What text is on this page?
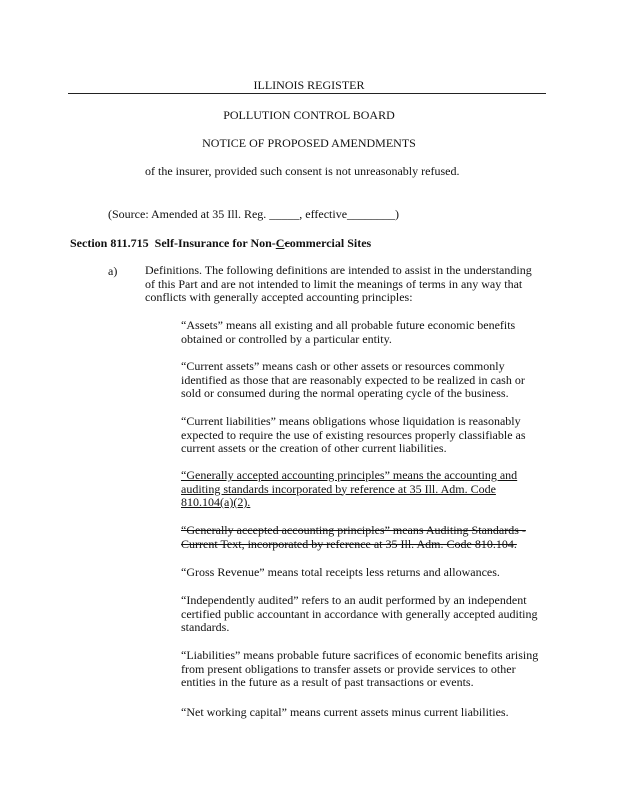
ILLINOIS REGISTER
POLLUTION CONTROL BOARD
NOTICE OF PROPOSED AMENDMENTS
of the insurer, provided such consent is not unreasonably refused.
(Source: Amended at 35 Ill. Reg. _____, effective________)
Section 811.715 Self-Insurance for Non-Ccommercial Sites
a) Definitions. The following definitions are intended to assist in the understanding
of this Part and are not intended to limit the meanings of terms in any way that
conflicts with generally accepted accounting principles:
“Assets” means all existing and all probable future economic benefits
obtained or controlled by a particular entity.
“Current assets” means cash or other assets or resources commonly
identified as those that are reasonably expected to be realized in cash or
sold or consumed during the normal operating cycle of the business.
“Current liabilities” means obligations whose liquidation is reasonably
expected to require the use of existing resources properly classifiable as
current assets or the creation of other current liabilities.
“Generally accepted accounting principles” means the accounting and
auditing standards incorporated by reference at 35 Ill. Adm. Code
810.104(a)(2).
“Generally accepted accounting principles” means Auditing Standards -
Current Text, incorporated by reference at 35 Ill. Adm. Code 810.104.
“Gross Revenue” means total receipts less returns and allowances.
“Independently audited” refers to an audit performed by an independent
certified public accountant in accordance with generally accepted auditing
standards.
“Liabilities” means probable future sacrifices of economic benefits arising
from present obligations to transfer assets or provide services to other
entities in the future as a result of past transactions or events.
“Net working capital” means current assets minus current liabilities.
